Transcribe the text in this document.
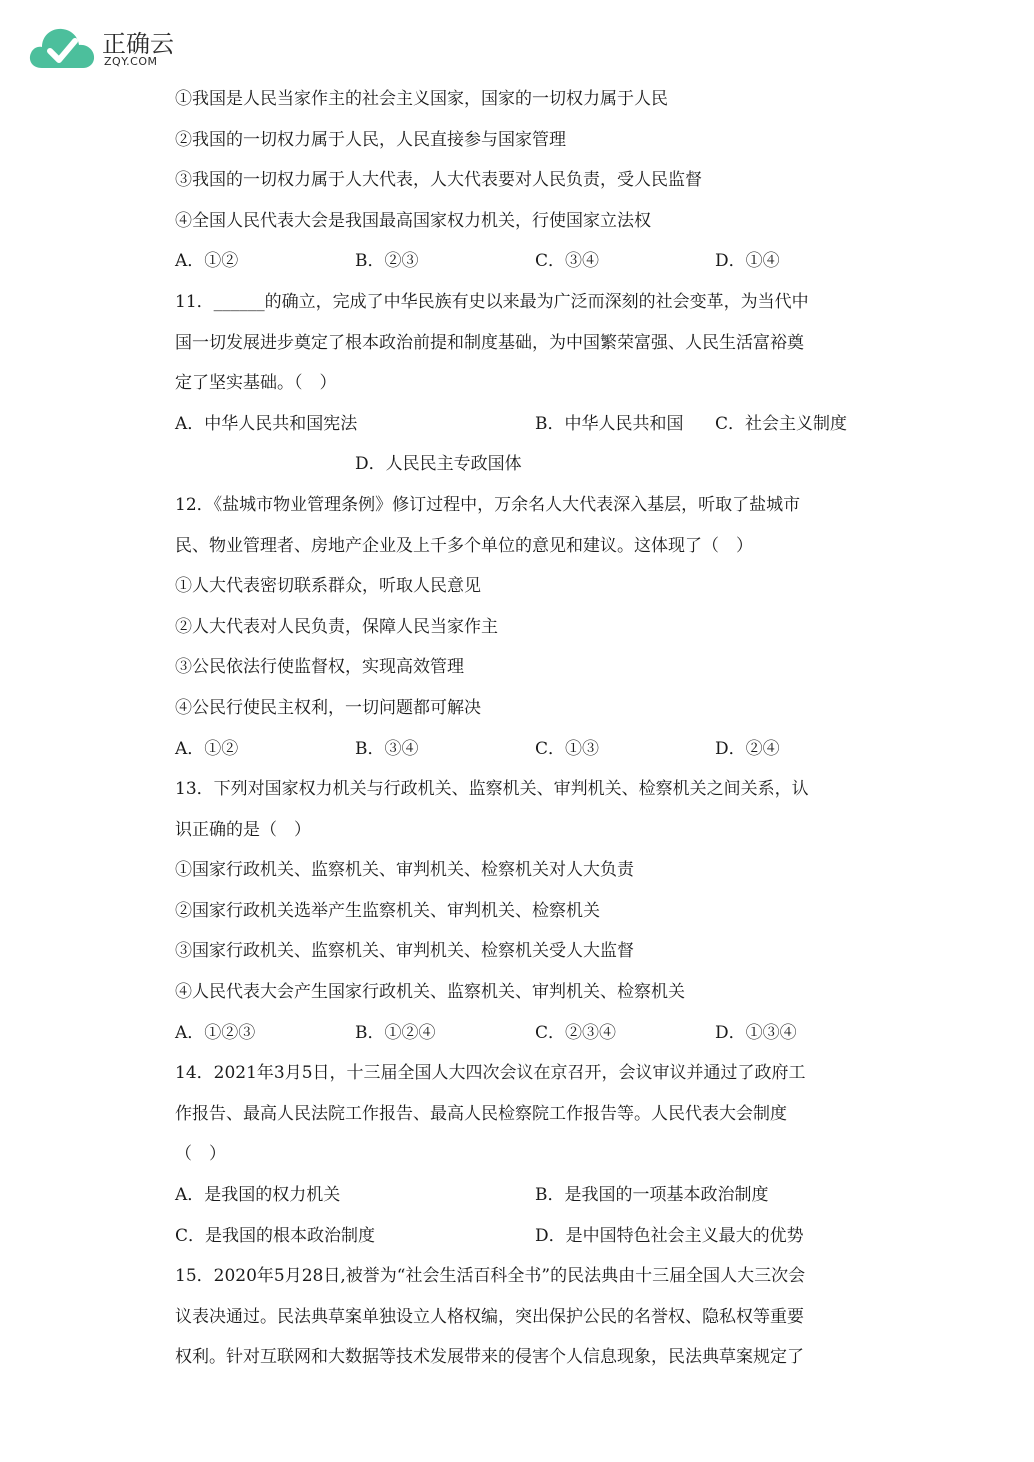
正确云
ZQY.COM
①我国是人民当家作主的社会主义国家，国家的一切权力属于人民
②我国的一切权力属于人民，人民直接参与国家管理
③我国的一切权力属于人大代表，人大代表要对人民负责，受人民监督
④全国人民代表大会是我国最高国家权力机关，行使国家立法权
A．①②	B．②③	C．③④	D．①④
11．______的确立，完成了中华民族有史以来最为广泛而深刻的社会变革，为当代中
国一切发展进步奠定了根本政治前提和制度基础，为中国繁荣富强、人民生活富裕奠
定了坚实基础。（　）
A．中华人民共和国宪法	B．中华人民共和国 C．社会主义制度
D．人民民主专政国体
12．《盐城市物业管理条例》修订过程中，万余名人大代表深入基层，听取了盐城市
民、物业管理者、房地产企业及上千多个单位的意见和建议。这体现了（　）
①人大代表密切联系群众，听取人民意见
②人大代表对人民负责，保障人民当家作主
③公民依法行使监督权，实现高效管理
④公民行使民主权利，一切问题都可解决
A．①②	B．③④	C．①③	D．②④
13．下列对国家权力机关与行政机关、监察机关、审判机关、检察机关之间关系，认
识正确的是（　）
①国家行政机关、监察机关、审判机关、检察机关对人大负责
②国家行政机关选举产生监察机关、审判机关、检察机关
③国家行政机关、监察机关、审判机关、检察机关受人大监督
④人民代表大会产生国家行政机关、监察机关、审判机关、检察机关
A．①②③	B．①②④	C．②③④	D．①③④
14．2021年3月5日，十三届全国人大四次会议在京召开，会议审议并通过了政府工
作报告、最高人民法院工作报告、最高人民检察院工作报告等。人民代表大会制度
（　）
A．是我国的权力机关	B．是我国的一项基本政治制度
C．是我国的根本政治制度	D．是中国特色社会主义最大的优势
15．2020年5月28日,被誉为“社会生活百科全书”的民法典由十三届全国人大三次会
议表决通过。民法典草案单独设立人格权编，突出保护公民的名誉权、隐私权等重要
权利。针对互联网和大数据等技术发展带来的侵害个人信息现象，民法典草案规定了
